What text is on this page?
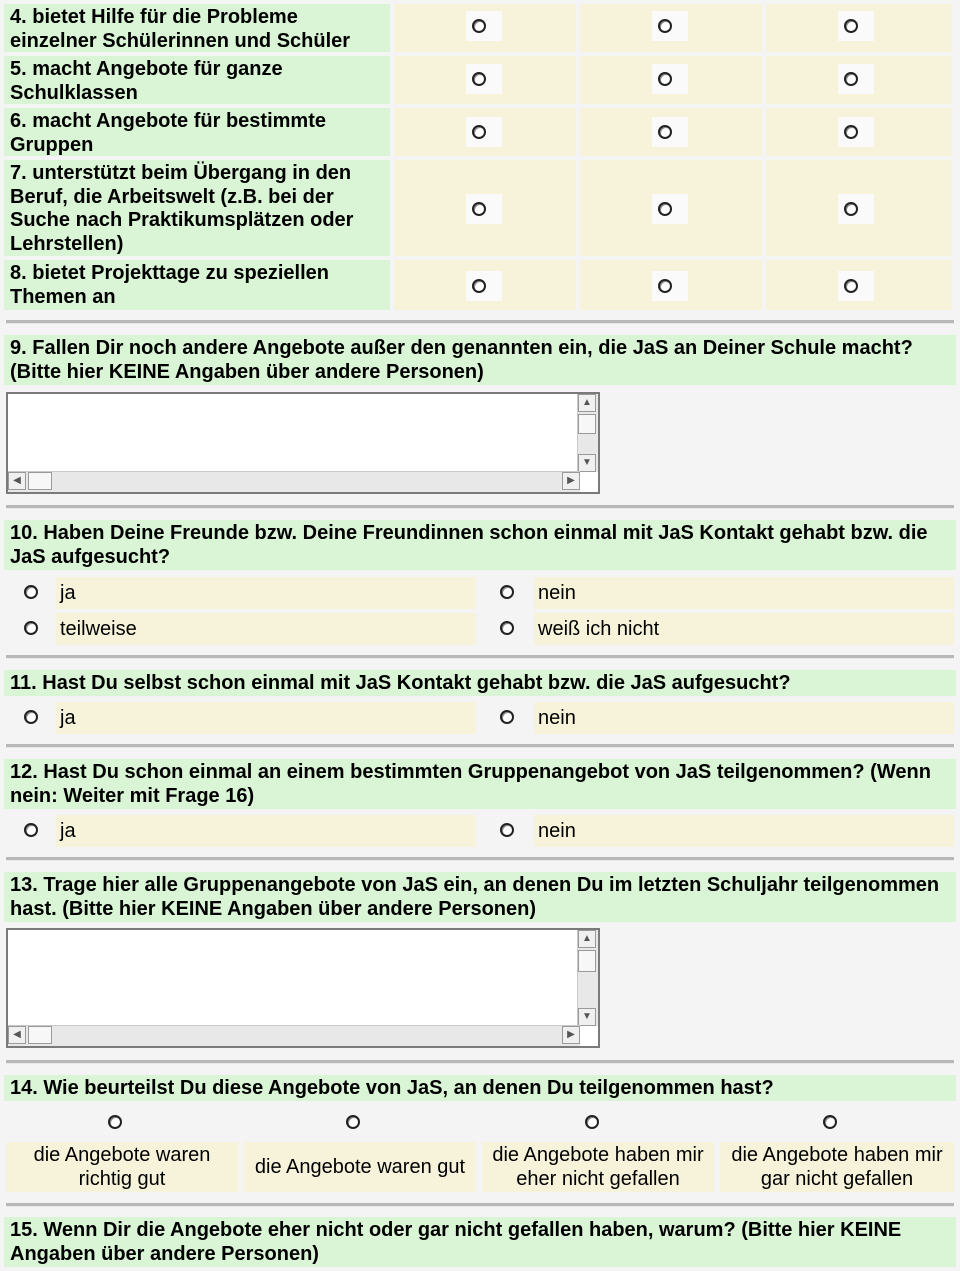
4. bietet Hilfe für die Probleme einzelner Schülerinnen und Schüler
5. macht Angebote für ganze Schulklassen
6. macht Angebote für bestimmte Gruppen
7. unterstützt beim Übergang in den Beruf, die Arbeitswelt (z.B. bei der Suche nach Praktikumsplätzen oder Lehrstellen)
8. bietet Projekttage zu speziellen Themen an
9. Fallen Dir noch andere Angebote außer den genannten ein, die JaS an Deiner Schule macht? (Bitte hier KEINE Angaben über andere Personen)
▲
▼
◀	▶
10. Haben Deine Freunde bzw. Deine Freundinnen schon einmal mit JaS Kontakt gehabt bzw. die JaS aufgesucht?
ja	nein
teilweise	weiß ich nicht
11. Hast Du selbst schon einmal mit JaS Kontakt gehabt bzw. die JaS aufgesucht?
ja	nein
12. Hast Du schon einmal an einem bestimmten Gruppenangebot von JaS teilgenommen? (Wenn nein: Weiter mit Frage 16)
ja	nein
13. Trage hier alle Gruppenangebote von JaS ein, an denen Du im letzten Schuljahr teilgenommen hast. (Bitte hier KEINE Angaben über andere Personen)
▲
▼
◀	▶
14. Wie beurteilst Du diese Angebote von JaS, an denen Du teilgenommen hast?
die Angebote waren richtig gut
die Angebote waren gut
die Angebote haben mir eher nicht gefallen
die Angebote haben mir gar nicht gefallen
15. Wenn Dir die Angebote eher nicht oder gar nicht gefallen haben, warum? (Bitte hier KEINE Angaben über andere Personen)
